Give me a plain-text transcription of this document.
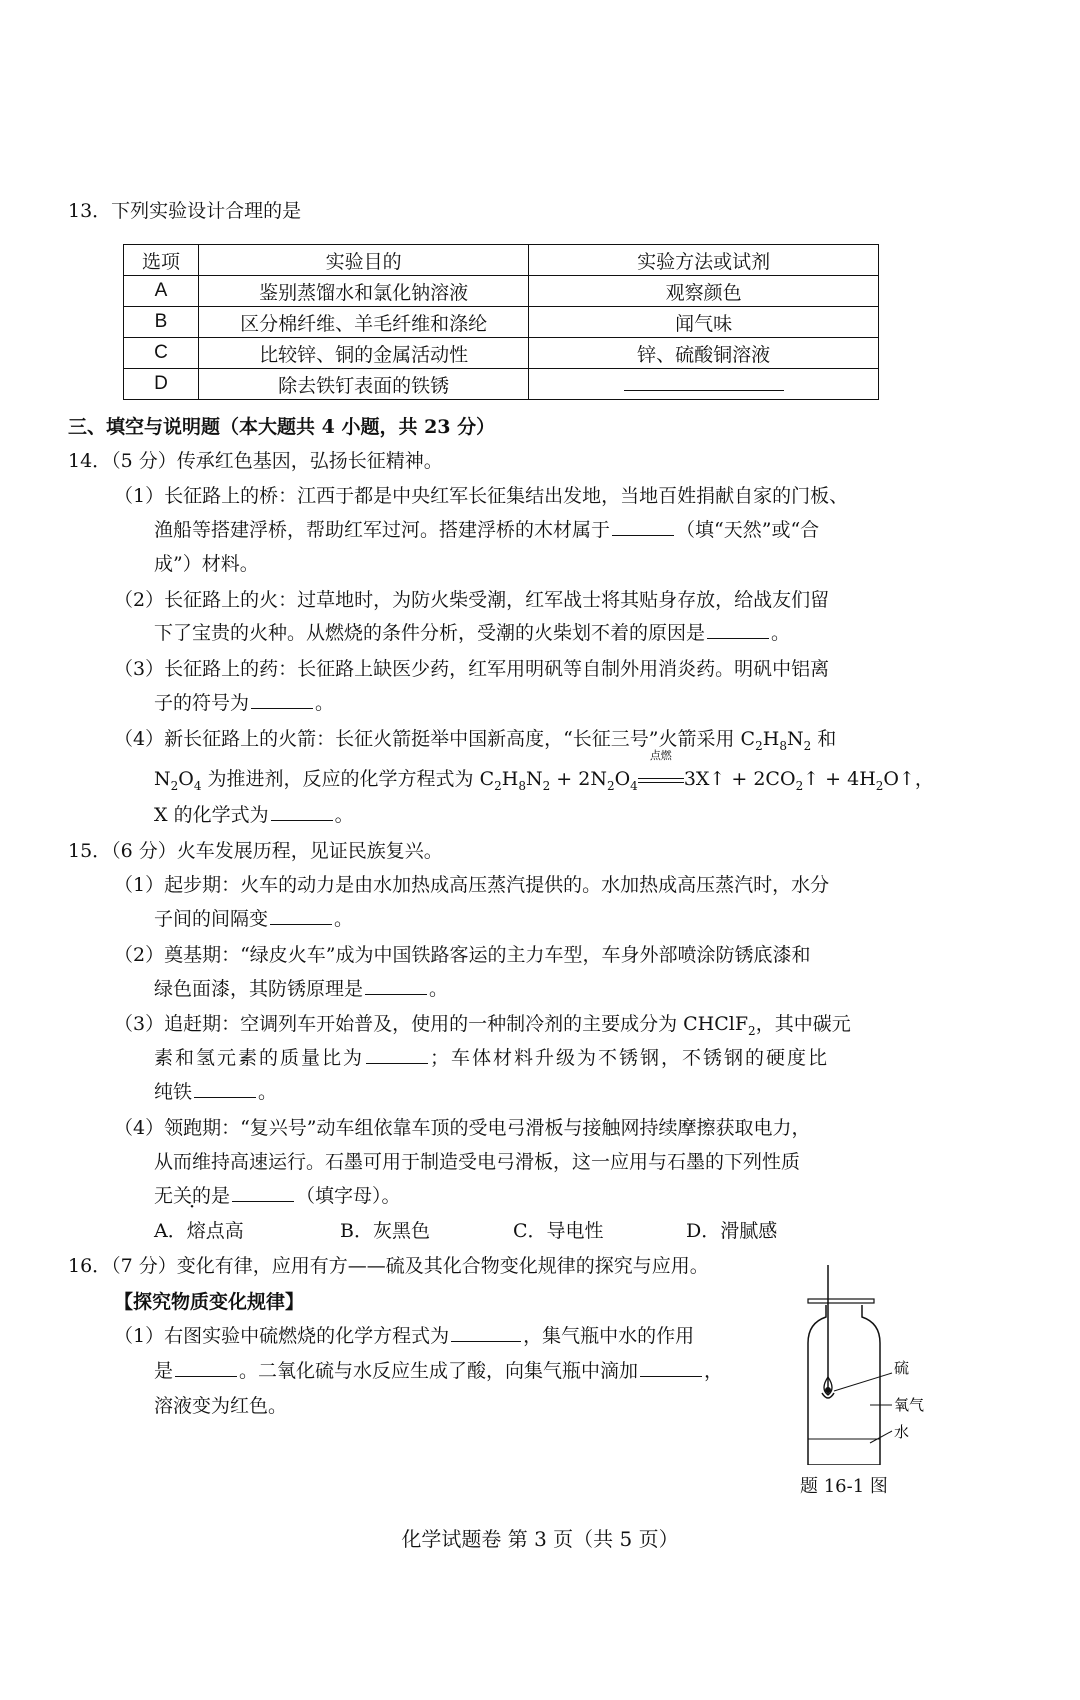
13．下列实验设计合理的是
选项	实验目的	实验方法或试剂
A	鉴别蒸馏水和氯化钠溶液	观察颜色
B	区分棉纤维、羊毛纤维和涤纶	闻气味
C	比较锌、铜的金属活动性	锌、硫酸铜溶液
D	除去铁钉表面的铁锈	
三、填空与说明题（本大题共 4 小题，共 23 分）
14．（5 分）传承红色基因，弘扬长征精神。
（1）长征路上的桥：江西于都是中央红军长征集结出发地，当地百姓捐献自家的门板、
渔船等搭建浮桥，帮助红军过河。搭建浮桥的木材属于	（填“天然”或“合
成”）材料。
（2）长征路上的火：过草地时，为防火柴受潮，红军战士将其贴身存放，给战友们留
下了宝贵的火种。从燃烧的条件分析，受潮的火柴划不着的原因是	。
（3）长征路上的药：长征路上缺医少药，红军用明矾等自制外用消炎药。明矾中铝离
子的符号为	。
（4）新长征路上的火箭：长征火箭挺举中国新高度，“长征三号”火箭采用 $C_2H_8N_2$ 和
$N_2O_4$ 为推进剂，反应的化学方程式为 $C_2H_8N_2 + 2N_2O_4$
点燃
3X↑ + $2CO_2↑$ + $4H_2O↑$，
X 的化学式为	。
15．（6 分）火车发展历程，见证民族复兴。
（1）起步期：火车的动力是由水加热成高压蒸汽提供的。水加热成高压蒸汽时，水分
子间的间隔变	。
（2）奠基期：“绿皮火车”成为中国铁路客运的主力车型，车身外部喷涂防锈底漆和
绿色面漆，其防锈原理是	。
（3）追赶期：空调列车开始普及，使用的一种制冷剂的主要成分为 CHClF$_2$，其中碳元
素和氢元素的质量比为	；车体材料升级为不锈钢，不锈钢的硬度比
纯铁	。
（4）领跑期：“复兴号”动车组依靠车顶的受电弓滑板与接触网持续摩擦获取电力，
从而维持高速运行。石墨可用于制造受电弓滑板，这一应用与石墨的下列性质
无关的是	（填字母）。
A．熔点高	B．灰黑色	C．导电性	D．滑腻感
16．（7 分）变化有律，应用有方——硫及其化合物变化规律的探究与应用。
【探究物质变化规律】
（1）右图实验中硫燃烧的化学方程式为	，集气瓶中水的作用
是	。二氧化硫与水反应生成了酸，向集气瓶中滴加	，
溶液变为红色。
硫
氧气
水
题 16-1 图
化学试题卷 第 3 页（共 5 页）
